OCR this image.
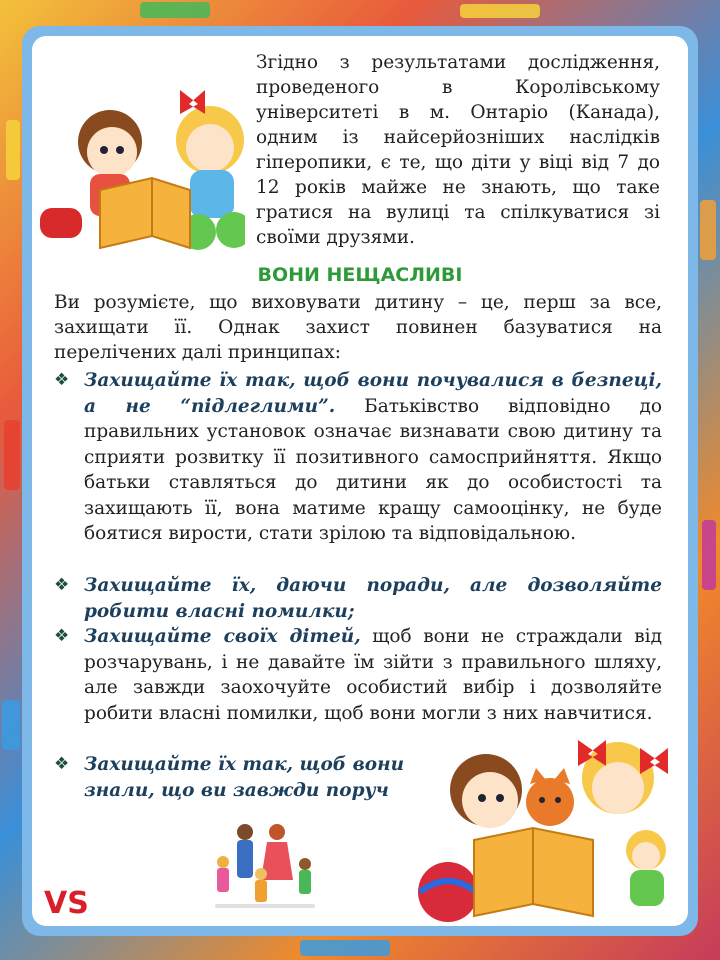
Згідно з результатами дослідження, проведеного в Королівському університеті в м. Онтаріо (Канада), одним із найсерйозніших наслідків гіперопики, є те, що діти у віці від 7 до 12 років майже не знають, що таке гратися на вулиці та спілкуватися зі своїми друзями.
ВОНИ НЕЩАСЛИВІ
Ви розумієте, що виховувати дитину – це, перш за все, захищати її. Однак захист повинен базуватися на перелічених далі принципах:
❖ Захищайте їх так, щоб вони почувалися в безпеці, а не “підлеглими”. Батьківство відповідно до правильних установок означає визнавати свою дитину та сприяти розвитку її позитивного самосприйняття. Якщо батьки ставляться до дитини як до особистості та захищають її, вона матиме кращу самооцінку, не буде боятися вирости, стати зрілою та відповідальною.
❖ Захищайте їх, даючи поради, але дозволяйте робити власні помилки;
❖ Захищайте своїх дітей, щоб вони не страждали від розчарувань, і не давайте їм зійти з правильного шляху, але завжди заохочуйте особистий вибір і дозволяйте робити власні помилки, щоб вони могли з них навчитися.
❖ Захищайте їх так, щоб вони
знали, що ви завжди поруч
VS
